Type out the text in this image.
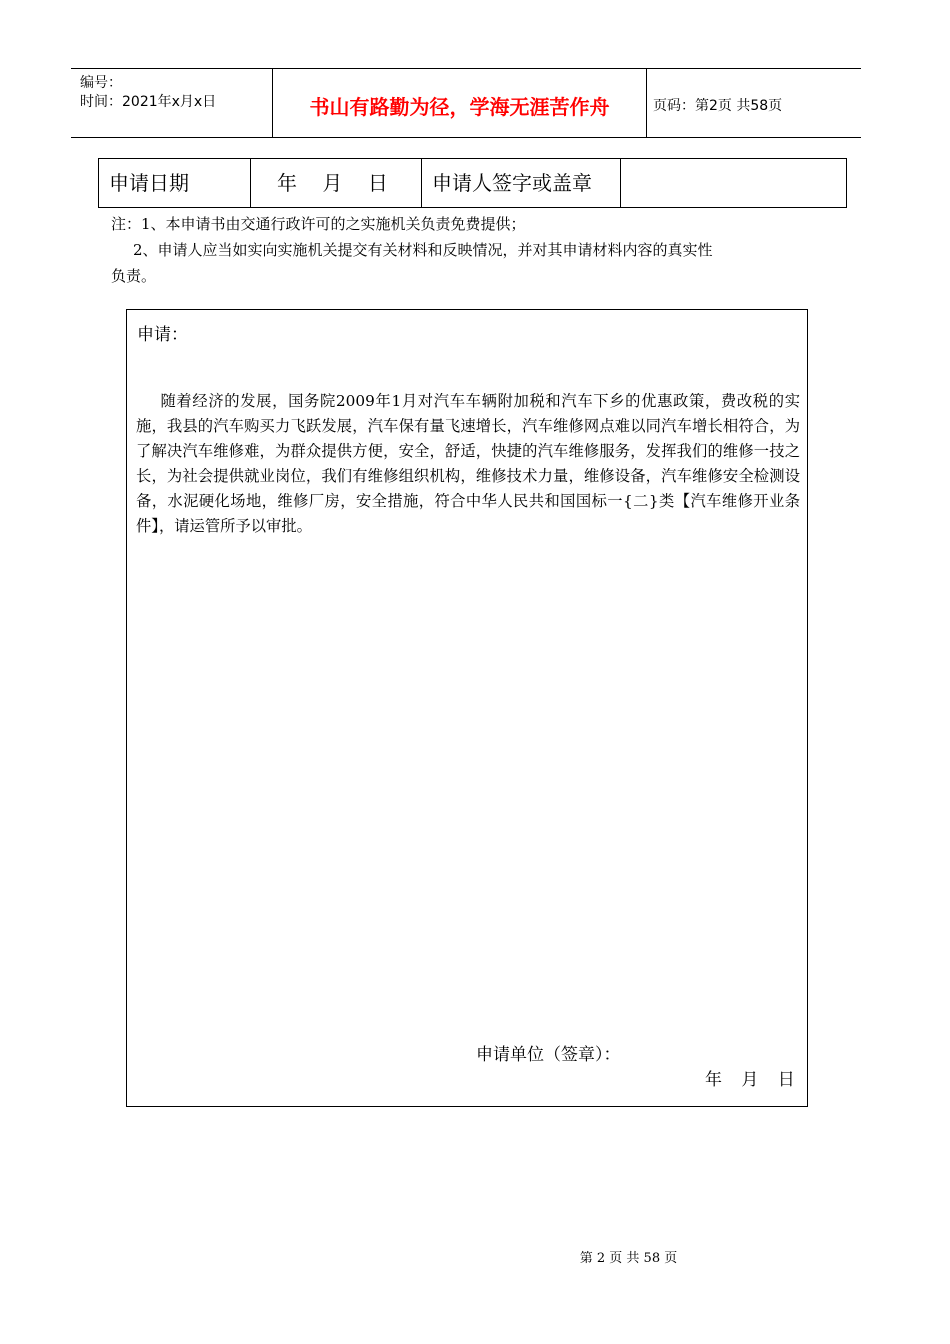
编号：
时间：2021年x月x日	书山有路勤为径，学海无涯苦作舟	页码：第2页 共58页
申请日期	年    月    日	申请人签字或盖章
注：1、本申请书由交通行政许可的之实施机关负责免费提供；
2、申请人应当如实向实施机关提交有关材料和反映情况，并对其申请材料内容的真实性
负责。
申请：
随着经济的发展，国务院2009年1月对汽车车辆附加税和汽车下乡的优惠政策，费改税的实施，我县的汽车购买力飞跃发展，汽车保有量飞速增长，汽车维修网点难以同汽车增长相符合，为了解决汽车维修难，为群众提供方便，安全，舒适，快捷的汽车维修服务，发挥我们的维修一技之长，为社会提供就业岗位，我们有维修组织机构，维修技术力量，维修设备，汽车维修安全检测设备，水泥硬化场地，维修厂房，安全措施，符合中华人民共和国国标一{二}类【汽车维修开业条件】，请运管所予以审批。
申请单位（签章）：
年 月 日
第 2 页 共 58 页
